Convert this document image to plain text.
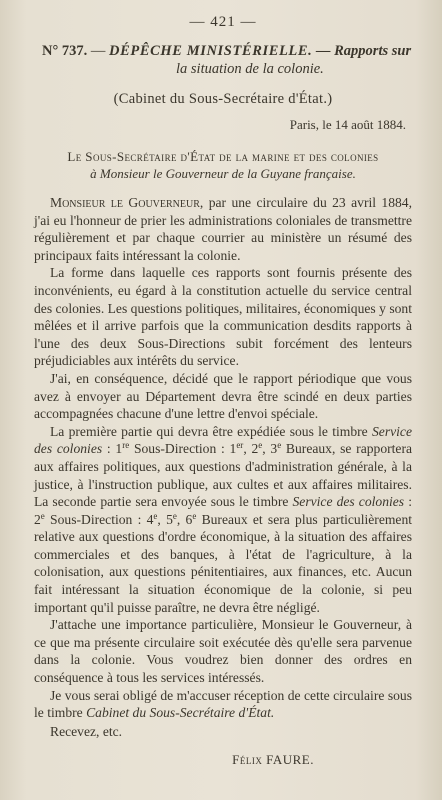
— 421 —
N° 737. — DÉPÊCHE MINISTÉRIELLE. — Rapports sur
la situation de la colonie.
(Cabinet du Sous-Secrétaire d'État.)
Paris, le 14 août 1884.
Le Sous-Secrétaire d'État de la marine et des colonies
à Monsieur le Gouverneur de la Guyane française.

Monsieur le Gouverneur, par une circulaire du 23 avril 1884, j'ai eu l'honneur de prier les administrations coloniales de transmettre régulièrement et par chaque courrier au ministère un résumé des principaux faits intéressant la colonie.

La forme dans laquelle ces rapports sont fournis présente des inconvénients, eu égard à la constitution actuelle du service central des colonies. Les questions politiques, militaires, économiques y sont mêlées et il arrive parfois que la communication desdits rapports à l'une des deux Sous-Directions subit forcément des lenteurs préjudiciables aux intérêts du service.

J'ai, en conséquence, décidé que le rapport périodique que vous avez à envoyer au Département devra être scindé en deux parties accompagnées chacune d'une lettre d'envoi spéciale.

La première partie qui devra être expédiée sous le timbre Service des colonies : 1re Sous-Direction : 1er, 2e, 3e Bureaux, se rapportera aux affaires politiques, aux questions d'administration générale, à la justice, à l'instruction publique, aux cultes et aux affaires militaires. La seconde partie sera envoyée sous le timbre Service des colonies : 2e Sous-Direction : 4e, 5e, 6e Bureaux et sera plus particulièrement relative aux questions d'ordre économique, à la situation des affaires commerciales et des banques, à l'état de l'agriculture, à la colonisation, aux questions pénitentiaires, aux finances, etc. Aucun fait intéressant la situation économique de la colonie, si peu important qu'il puisse paraître, ne devra être négligé.

J'attache une importance particulière, Monsieur le Gouverneur, à ce que ma présente circulaire soit exécutée dès qu'elle sera parvenue dans la colonie. Vous voudrez bien donner des ordres en conséquence à tous les services intéressés.

Je vous serai obligé de m'accuser réception de cette circulaire sous le timbre Cabinet du Sous-Secrétaire d'État.

Recevez, etc.
Félix FAURE.
